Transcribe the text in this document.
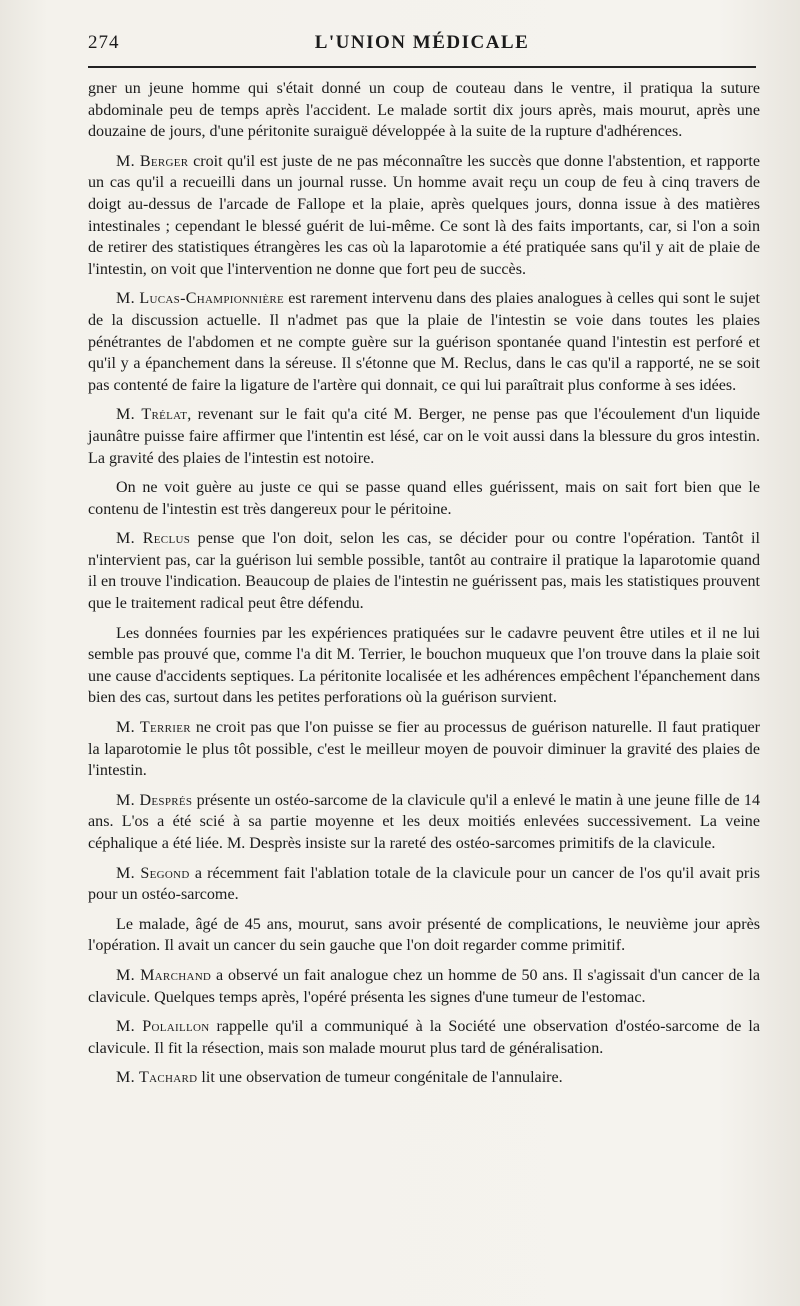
274	L'UNION MÉDICALE

gner un jeune homme qui s'était donné un coup de couteau dans le ventre, il pratiqua la suture abdominale peu de temps après l'accident. Le malade sortit dix jours après, mais mourut, après une douzaine de jours, d'une péritonite suraiguë développée à la suite de la rupture d'adhérences.

M. Berger croit qu'il est juste de ne pas méconnaître les succès que donne l'abstention, et rapporte un cas qu'il a recueilli dans un journal russe. Un homme avait reçu un coup de feu à cinq travers de doigt au-dessus de l'arcade de Fallope et la plaie, après quelques jours, donna issue à des matières intestinales ; cependant le blessé guérit de lui-même. Ce sont là des faits importants, car, si l'on a soin de retirer des statistiques étrangères les cas où la laparotomie a été pratiquée sans qu'il y ait de plaie de l'intestin, on voit que l'intervention ne donne que fort peu de succès.

M. Lucas-Championnière est rarement intervenu dans des plaies analogues à celles qui sont le sujet de la discussion actuelle. Il n'admet pas que la plaie de l'intestin se voie dans toutes les plaies pénétrantes de l'abdomen et ne compte guère sur la guérison spontanée quand l'intestin est perforé et qu'il y a épanchement dans la séreuse. Il s'étonne que M. Reclus, dans le cas qu'il a rapporté, ne se soit pas contenté de faire la ligature de l'artère qui donnait, ce qui lui paraîtrait plus conforme à ses idées.

M. Trélat, revenant sur le fait qu'a cité M. Berger, ne pense pas que l'écoulement d'un liquide jaunâtre puisse faire affirmer que l'intentin est lésé, car on le voit aussi dans la blessure du gros intestin. La gravité des plaies de l'intestin est notoire.

On ne voit guère au juste ce qui se passe quand elles guérissent, mais on sait fort bien que le contenu de l'intestin est très dangereux pour le péritoine.

M. Reclus pense que l'on doit, selon les cas, se décider pour ou contre l'opération. Tantôt il n'intervient pas, car la guérison lui semble possible, tantôt au contraire il pratique la laparotomie quand il en trouve l'indication. Beaucoup de plaies de l'intestin ne guérissent pas, mais les statistiques prouvent que le traitement radical peut être défendu.

Les données fournies par les expériences pratiquées sur le cadavre peuvent être utiles et il ne lui semble pas prouvé que, comme l'a dit M. Terrier, le bouchon muqueux que l'on trouve dans la plaie soit une cause d'accidents septiques. La péritonite localisée et les adhérences empêchent l'épanchement dans bien des cas, surtout dans les petites perforations où la guérison survient.

M. Terrier ne croit pas que l'on puisse se fier au processus de guérison naturelle. Il faut pratiquer la laparotomie le plus tôt possible, c'est le meilleur moyen de pouvoir diminuer la gravité des plaies de l'intestin.

M. Després présente un ostéo-sarcome de la clavicule qu'il a enlevé le matin à une jeune fille de 14 ans. L'os a été scié à sa partie moyenne et les deux moitiés enlevées successivement. La veine céphalique a été liée. M. Desprès insiste sur la rareté des ostéo-sarcomes primitifs de la clavicule.

M. Segond a récemment fait l'ablation totale de la clavicule pour un cancer de l'os qu'il avait pris pour un ostéo-sarcome.

Le malade, âgé de 45 ans, mourut, sans avoir présenté de complications, le neuvième jour après l'opération. Il avait un cancer du sein gauche que l'on doit regarder comme primitif.

M. Marchand a observé un fait analogue chez un homme de 50 ans. Il s'agissait d'un cancer de la clavicule. Quelques temps après, l'opéré présenta les signes d'une tumeur de l'estomac.

M. Polaillon rappelle qu'il a communiqué à la Société une observation d'ostéo-sarcome de la clavicule. Il fit la résection, mais son malade mourut plus tard de généralisation.

M. Tachard lit une observation de tumeur congénitale de l'annulaire.
